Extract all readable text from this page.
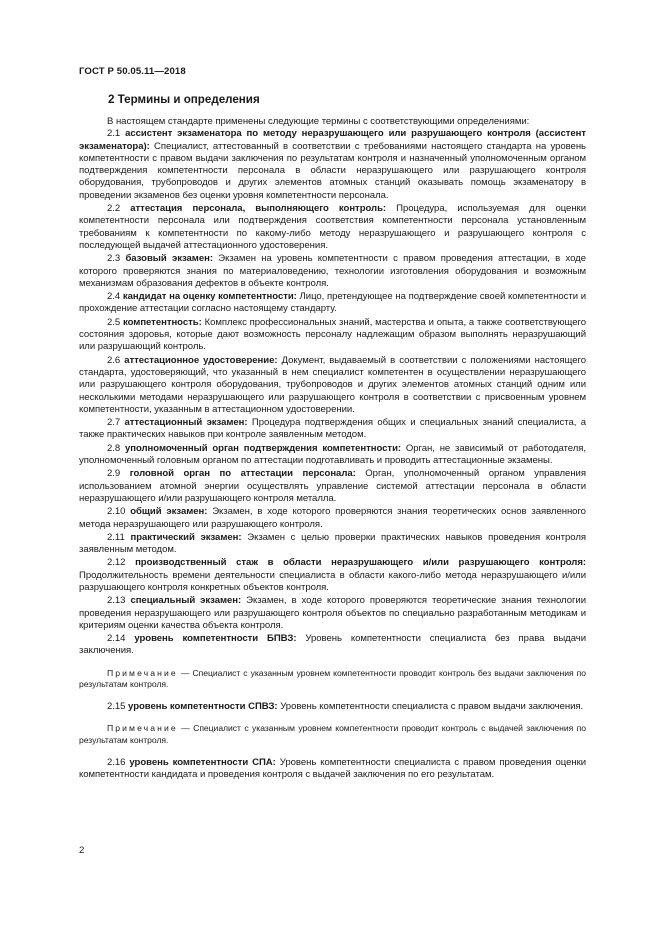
ГОСТ Р 50.05.11—2018
2 Термины и определения

В настоящем стандарте применены следующие термины с соответствующими определениями:

2.1 ассистент экзаменатора по методу неразрушающего или разрушающего контроля (ассистент экзаменатора): Специалист, аттестованный в соответствии с требованиями настоящего стандарта на уровень компетентности с правом выдачи заключения по результатам контроля и назначенный уполномоченным органом подтверждения компетентности персонала в области неразрушающего или разрушающего контроля оборудования, трубопроводов и других элементов атомных станций оказывать помощь экзаменатору в проведении экзаменов без оценки уровня компетентности персонала.

2.2 аттестация персонала, выполняющего контроль: Процедура, используемая для оценки компетентности персонала или подтверждения соответствия компетентности персонала установленным требованиям к компетентности по какому-либо методу неразрушающего и разрушающего контроля с последующей выдачей аттестационного удостоверения.

2.3 базовый экзамен: Экзамен на уровень компетентности с правом проведения аттестации, в ходе которого проверяются знания по материаловедению, технологии изготовления оборудования и возможным механизмам образования дефектов в объекте контроля.

2.4 кандидат на оценку компетентности: Лицо, претендующее на подтверждение своей компетентности и прохождение аттестации согласно настоящему стандарту.

2.5 компетентность: Комплекс профессиональных знаний, мастерства и опыта, а также соответствующего состояния здоровья, которые дают возможность персоналу надлежащим образом выполнять неразрушающий или разрушающий контроль.

2.6 аттестационное удостоверение: Документ, выдаваемый в соответствии с положениями настоящего стандарта, удостоверяющий, что указанный в нем специалист компетентен в осуществлении неразрушающего или разрушающего контроля оборудования, трубопроводов и других элементов атомных станций одним или несколькими методами неразрушающего или разрушающего контроля в соответствии с присвоенным уровнем компетентности, указанным в аттестационном удостоверении.

2.7 аттестационный экзамен: Процедура подтверждения общих и специальных знаний специалиста, а также практических навыков при контроле заявленным методом.

2.8 уполномоченный орган подтверждения компетентности: Орган, не зависимый от работодателя, уполномоченный головным органом по аттестации подготавливать и проводить аттестационные экзамены.

2.9 головной орган по аттестации персонала: Орган, уполномоченный органом управления использованием атомной энергии осуществлять управление системой аттестации персонала в области неразрушающего и/или разрушающего контроля металла.

2.10 общий экзамен: Экзамен, в ходе которого проверяются знания теоретических основ заявленного метода неразрушающего или разрушающего контроля.

2.11 практический экзамен: Экзамен с целью проверки практических навыков проведения контроля заявленным методом.

2.12 производственный стаж в области неразрушающего и/или разрушающего контроля: Продолжительность времени деятельности специалиста в области какого-либо метода неразрушающего и/или разрушающего контроля конкретных объектов контроля.

2.13 специальный экзамен: Экзамен, в ходе которого проверяются теоретические знания технологии проведения неразрушающего или разрушающего контроля объектов по специально разработанным методикам и критериям оценки качества объекта контроля.

2.14 уровень компетентности БПВЗ: Уровень компетентности специалиста без права выдачи заключения.

Примечание — Специалист с указанным уровнем компетентности проводит контроль без выдачи заключения по результатам контроля.

2.15 уровень компетентности СПВЗ: Уровень компетентности специалиста с правом выдачи заключения.

Примечание — Специалист с указанным уровнем компетентности проводит контроль с выдачей заключения по результатам контроля.

2.16 уровень компетентности СПА: Уровень компетентности специалиста с правом проведения оценки компетентности кандидата и проведения контроля с выдачей заключения по его результатам.

2
